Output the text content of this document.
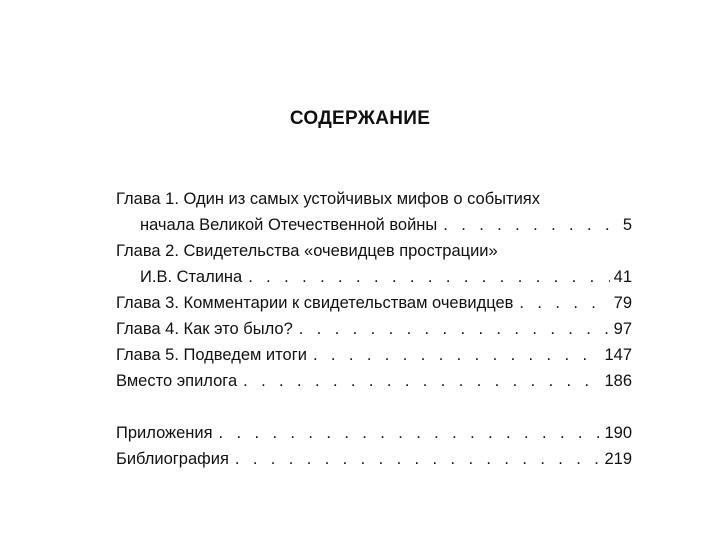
СОДЕРЖАНИЕ
Глава 1. Один из самых устойчивых мифов о событиях
начала Великой Отечественной войны . . .	5
Глава 2. Свидетельства «очевидцев прострации»
И.В. Сталина . . .	41
Глава 3. Комментарии к свидетельствам очевидцев . . .	79
Глава 4. Как это было? . . .	97
Глава 5. Подведем итоги . . .	147
Вместо эпилога . . .	186
Приложения . . .	190
Библиография . . .	219
